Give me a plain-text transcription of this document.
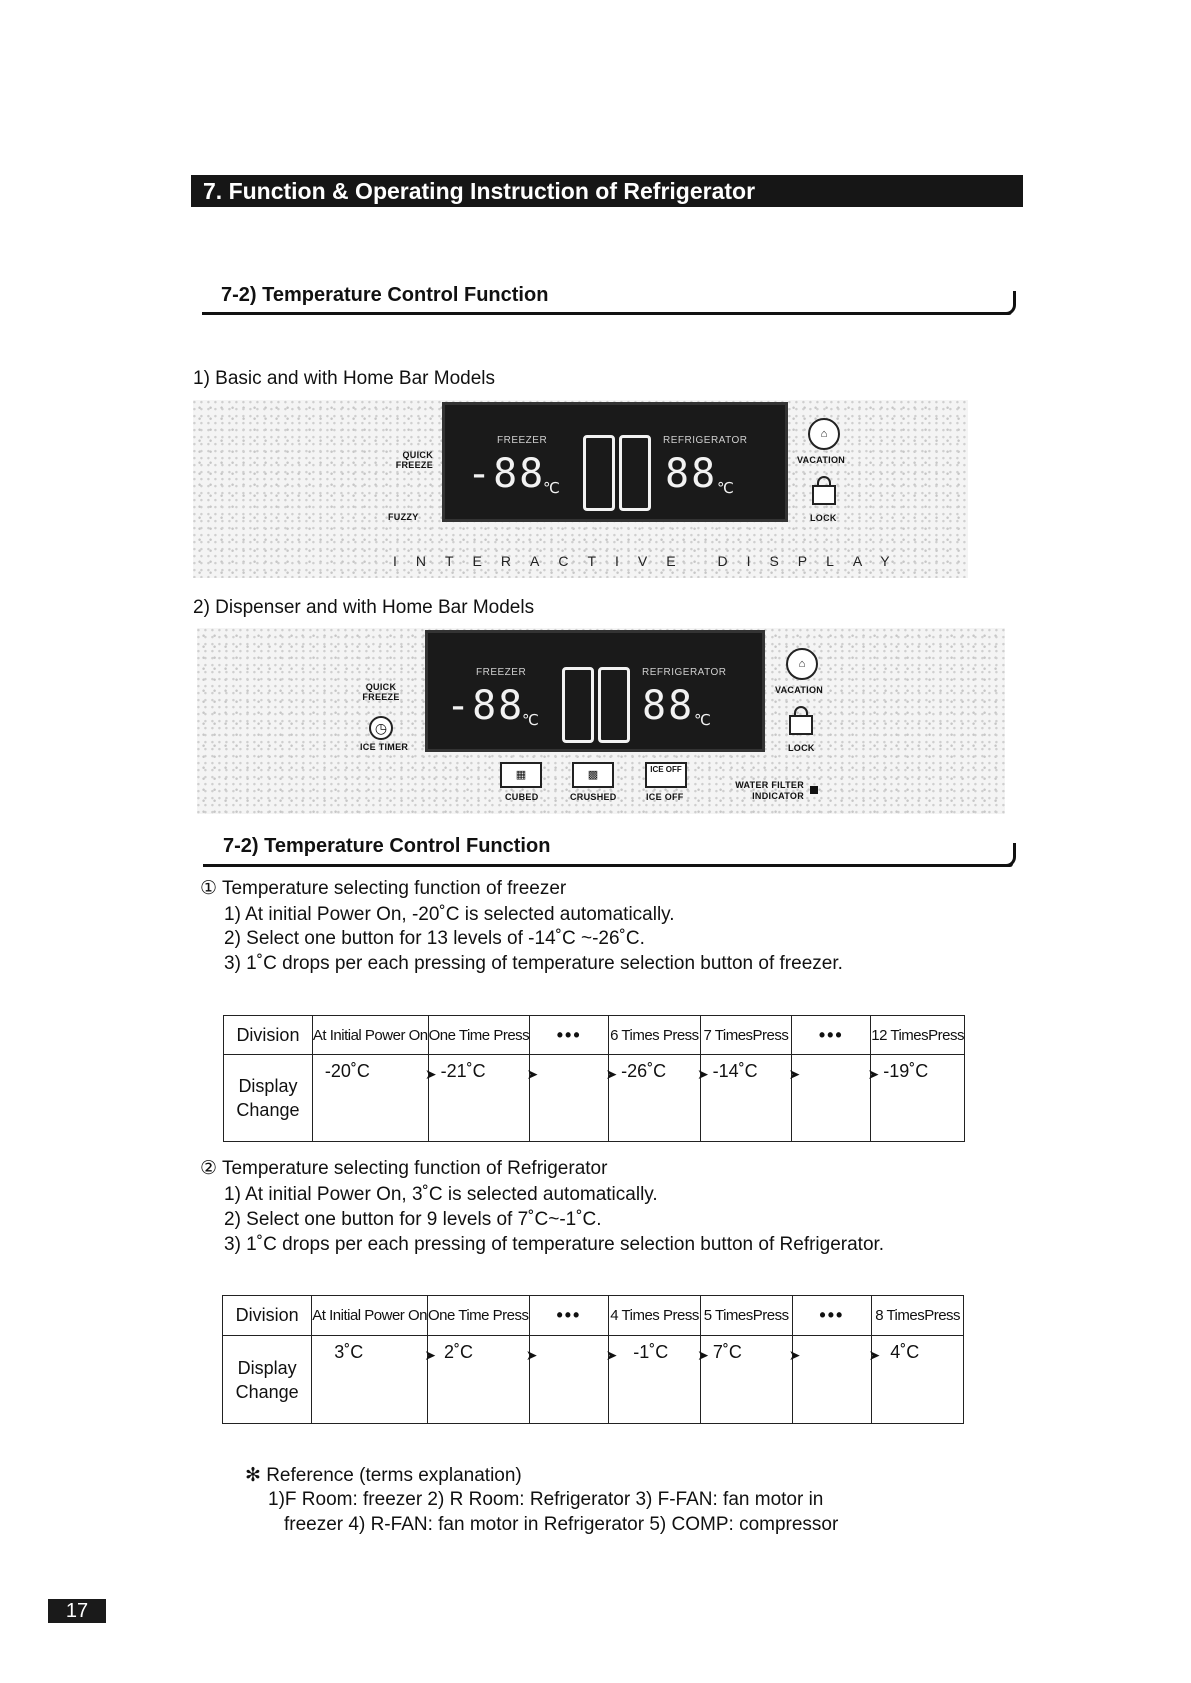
7. Function & Operating Instruction of Refrigerator
7-2) Temperature Control Function
1) Basic and with Home Bar Models
FREEZER	REFRIGERATOR
-88
℃	88 ℃
QUICK FREEZE
FUZZY
⌂
VACATION
LOCK
INTERACTIVE DISPLAY
2) Dispenser and with Home Bar Models
FREEZER	REFRIGERATOR
-88
℃	88 ℃
QUICK FREEZE
◷
ICE TIMER
⌂
VACATION
LOCK
▦
CUBED
▩
CRUSHED
ICE OFF
ICE OFF
WATER FILTER INDICATOR
7-2) Temperature Control Function
① Temperature selecting function of freezer
1) At initial Power On, -20˚C is selected automatically.
2) Select one button for 13 levels of -14˚C ~-26˚C.
3) 1˚C drops per each pressing of temperature selection button of freezer.
Division	At Initial Power On	One Time Press	•••	6 Times Press	7 TimesPress	•••	12 TimesPress
Display
Change	-20˚C ➤	-21˚C ➤	➤	-26˚C ➤	-14˚C ➤	➤	-19˚C
② Temperature selecting function of Refrigerator
1) At initial Power On, 3˚C is selected automatically.
2) Select one button for 9 levels of 7˚C~-1˚C.
3) 1˚C drops per each pressing of temperature selection button of Refrigerator.
Division	At Initial Power On	One Time Press	•••	4 Times Press	5 TimesPress	•••	8 TimesPress
Display
Change	3˚C ➤	2˚C ➤	➤	-1˚C ➤	7˚C ➤	➤	4˚C
✻ Reference (terms explanation)
1)F Room: freezer 2) R Room: Refrigerator 3) F-FAN: fan motor in
freezer 4) R-FAN: fan motor in Refrigerator 5) COMP: compressor
17
